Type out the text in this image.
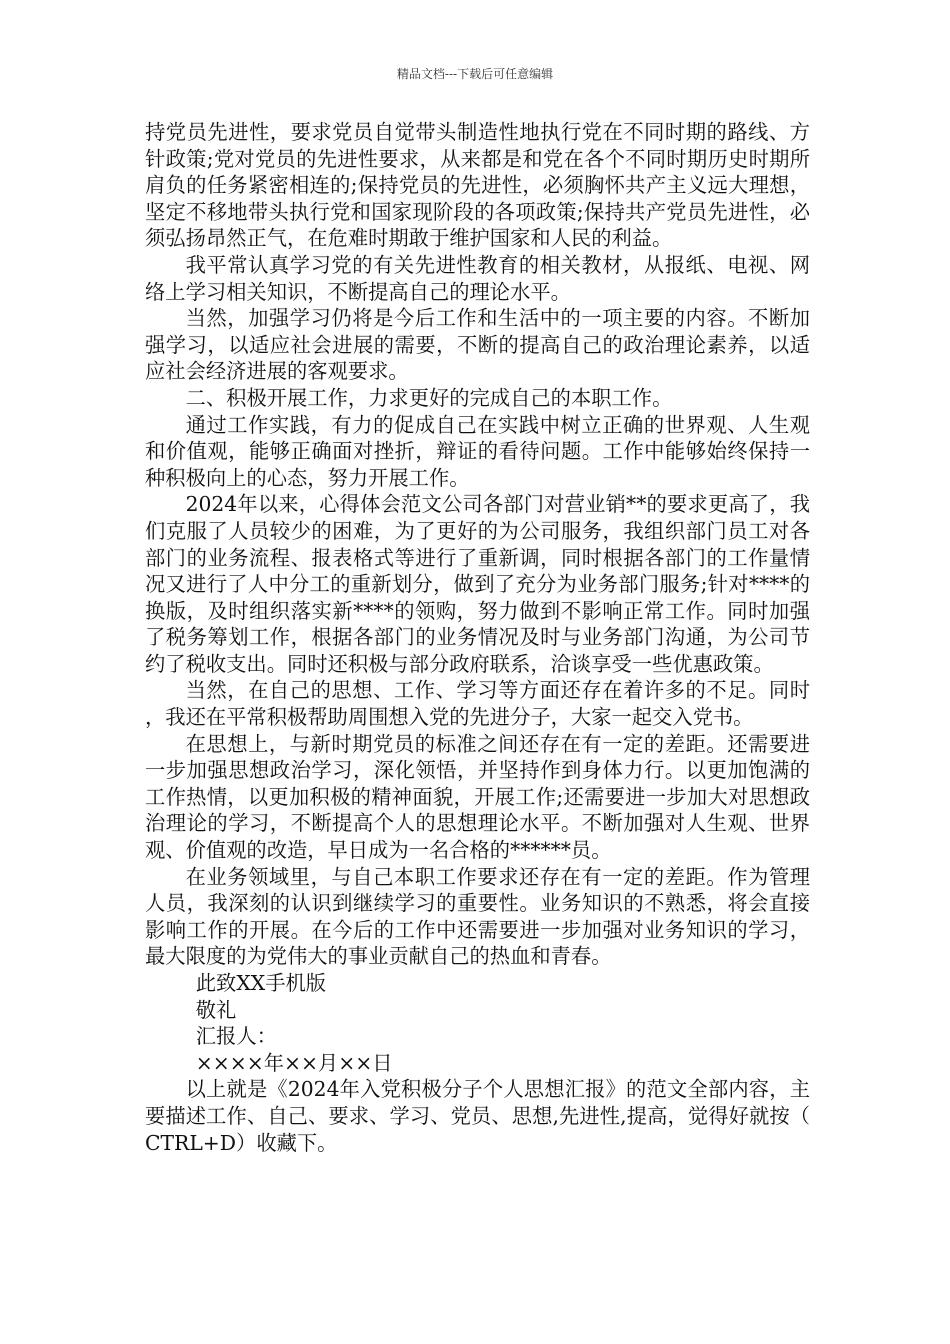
精品文档---下载后可任意编辑

持党员先进性，要求党员自觉带头制造性地执行党在不同时期的路线、方针政策;党对党员的先进性要求，从来都是和党在各个不同时期历史时期所肩负的任务紧密相连的;保持党员的先进性，必须胸怀共产主义远大理想，坚定不移地带头执行党和国家现阶段的各项政策;保持共产党员先进性，必须弘扬昂然正气，在危难时期敢于维护国家和人民的利益。

我平常认真学习党的有关先进性教育的相关教材，从报纸、电视、网络上学习相关知识，不断提高自己的理论水平。

当然，加强学习仍将是今后工作和生活中的一项主要的内容。不断加强学习，以适应社会进展的需要，不断的提高自己的政治理论素养，以适应社会经济进展的客观要求。

二、积极开展工作，力求更好的完成自己的本职工作。

通过工作实践，有力的促成自己在实践中树立正确的世界观、人生观和价值观，能够正确面对挫折，辩证的看待问题。工作中能够始终保持一种积极向上的心态，努力开展工作。

2024年以来，心得体会范文公司各部门对营业销**的要求更高了，我们克服了人员较少的困难，为了更好的为公司服务，我组织部门员工对各部门的业务流程、报表格式等进行了重新调，同时根据各部门的工作量情况又进行了人中分工的重新划分，做到了充分为业务部门服务;针对****的换版，及时组织落实新****的领购，努力做到不影响正常工作。同时加强了税务筹划工作，根据各部门的业务情况及时与业务部门沟通，为公司节约了税收支出。同时还积极与部分政府联系，洽谈享受一些优惠政策。

当然，在自己的思想、工作、学习等方面还存在着许多的不足。同时，我还在平常积极帮助周围想入党的先进分子，大家一起交入党书。

在思想上，与新时期党员的标准之间还存在有一定的差距。还需要进一步加强思想政治学习，深化领悟，并坚持作到身体力行。以更加饱满的工作热情，以更加积极的精神面貌，开展工作;还需要进一步加大对思想政治理论的学习，不断提高个人的思想理论水平。不断加强对人生观、世界观、价值观的改造，早日成为一名合格的******员。

在业务领域里，与自己本职工作要求还存在有一定的差距。作为管理人员，我深刻的认识到继续学习的重要性。业务知识的不熟悉，将会直接影响工作的开展。在今后的工作中还需要进一步加强对业务知识的学习，最大限度的为党伟大的事业贡献自己的热血和青春。

此致XX手机版

敬礼

汇报人：

××××年××月××日

以上就是《2024年入党积极分子个人思想汇报》的范文全部内容，主要描述工作、自己、要求、学习、党员、思想,先进性,提高，觉得好就按（CTRL+D）收藏下。
